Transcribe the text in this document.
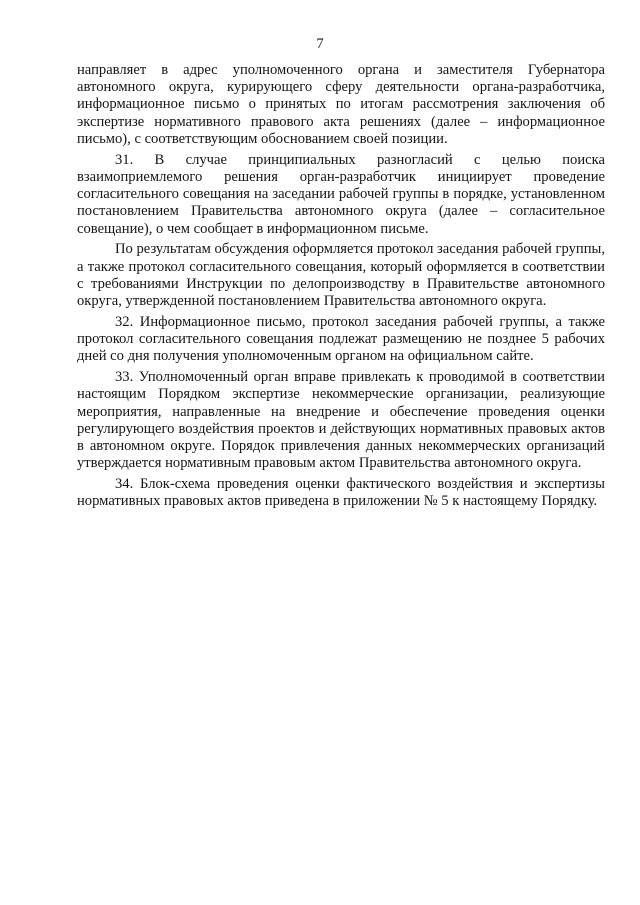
7

направляет в адрес уполномоченного органа и заместителя Губернатора автономного округа, курирующего сферу деятельности органа-разработчика, информационное письмо о принятых по итогам рассмотрения заключения об экспертизе нормативного правового акта решениях (далее – информационное письмо), с соответствующим обоснованием своей позиции.

31. В случае принципиальных разногласий с целью поиска взаимоприемлемого решения орган-разработчик инициирует проведение согласительного совещания на заседании рабочей группы в порядке, установленном постановлением Правительства автономного округа (далее – согласительное совещание), о чем сообщает в информационном письме.

По результатам обсуждения оформляется протокол заседания рабочей группы, а также протокол согласительного совещания, который оформляется в соответствии с требованиями Инструкции по делопроизводству в Правительстве автономного округа, утвержденной постановлением Правительства автономного округа.

32. Информационное письмо, протокол заседания рабочей группы, а также протокол согласительного совещания подлежат размещению не позднее 5 рабочих дней со дня получения уполномоченным органом на официальном сайте.

33. Уполномоченный орган вправе привлекать к проводимой в соответствии настоящим Порядком экспертизе некоммерческие организации, реализующие мероприятия, направленные на внедрение и обеспечение проведения оценки регулирующего воздействия проектов и действующих нормативных правовых актов в автономном округе. Порядок привлечения данных некоммерческих организаций утверждается нормативным правовым актом Правительства автономного округа.

34. Блок-схема проведения оценки фактического воздействия и экспертизы нормативных правовых актов приведена в приложении № 5 к настоящему Порядку.
